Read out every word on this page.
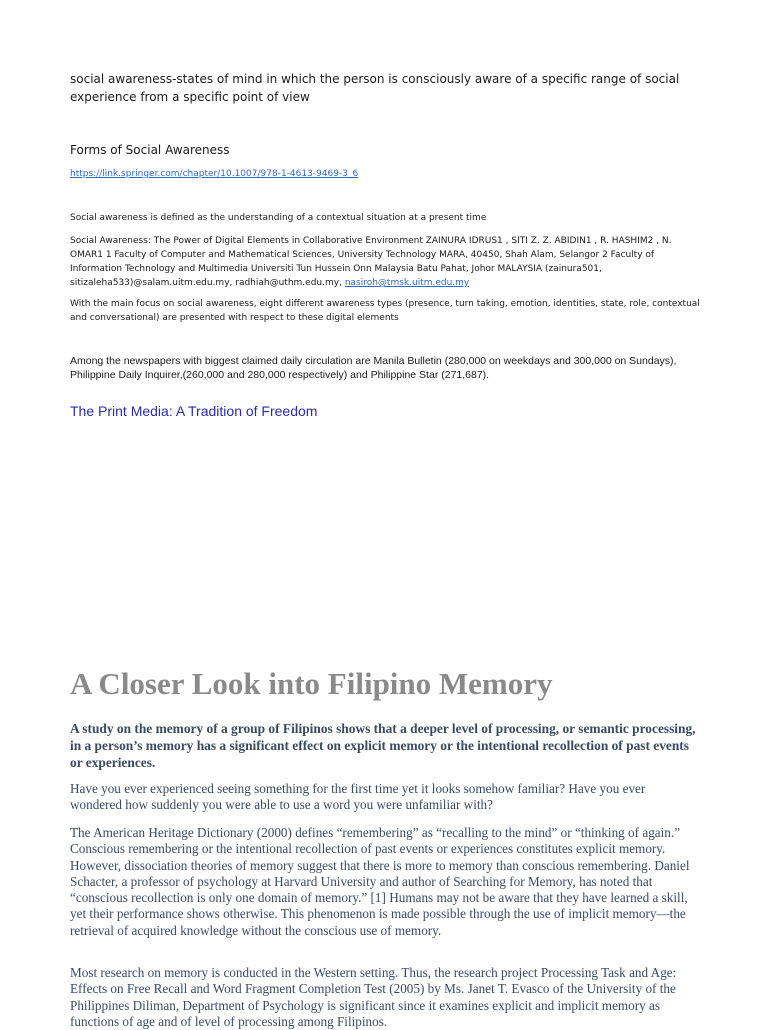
social awareness-states of mind in which the person is consciously aware of a specific range of social experience from a specific point of view

Forms of Social Awareness

https://link.springer.com/chapter/10.1007/978-1-4613-9469-3_6

Social awareness is defined as the understanding of a contextual situation at a present time

Social Awareness: The Power of Digital Elements in Collaborative Environment ZAINURA IDRUS1 , SITI Z. Z. ABIDIN1 , R. HASHIM2 , N. OMAR1 1 Faculty of Computer and Mathematical Sciences, University Technology MARA, 40450, Shah Alam, Selangor 2 Faculty of Information Technology and Multimedia Universiti Tun Hussein Onn Malaysia Batu Pahat, Johor MALAYSIA (zainura501, sitizaleha533)@salam.uitm.edu.my, radhiah@uthm.edu.my, nasiroh@tmsk.uitm.edu.my

With the main focus on social awareness, eight different awareness types (presence, turn taking, emotion, identities, state, role, contextual and conversational) are presented with respect to these digital elements

Among the newspapers with biggest claimed daily circulation are Manila Bulletin (280,000 on weekdays and 300,000 on Sundays), Philippine Daily Inquirer,(260,000 and 280,000 respectively) and Philippine Star (271,687).

The Print Media: A Tradition of Freedom
A Closer Look into Filipino Memory

A study on the memory of a group of Filipinos shows that a deeper level of processing, or semantic processing, in a person’s memory has a significant effect on explicit memory or the intentional recollection of past events or experiences.

Have you ever experienced seeing something for the first time yet it looks somehow familiar? Have you ever wondered how suddenly you were able to use a word you were unfamiliar with?

The American Heritage Dictionary (2000) defines “remembering” as “recalling to the mind” or “thinking of again.” Conscious remembering or the intentional recollection of past events or experiences constitutes explicit memory. However, dissociation theories of memory suggest that there is more to memory than conscious remembering. Daniel Schacter, a professor of psychology at Harvard University and author of Searching for Memory, has noted that “conscious recollection is only one domain of memory.” [1] Humans may not be aware that they have learned a skill, yet their performance shows otherwise. This phenomenon is made possible through the use of implicit memory—the retrieval of acquired knowledge without the conscious use of memory.

Most research on memory is conducted in the Western setting. Thus, the research project Processing Task and Age: Effects on Free Recall and Word Fragment Completion Test (2005) by Ms. Janet T. Evasco of the University of the Philippines Diliman, Department of Psychology is significant since it examines explicit and implicit memory as functions of age and of level of processing among Filipinos.
